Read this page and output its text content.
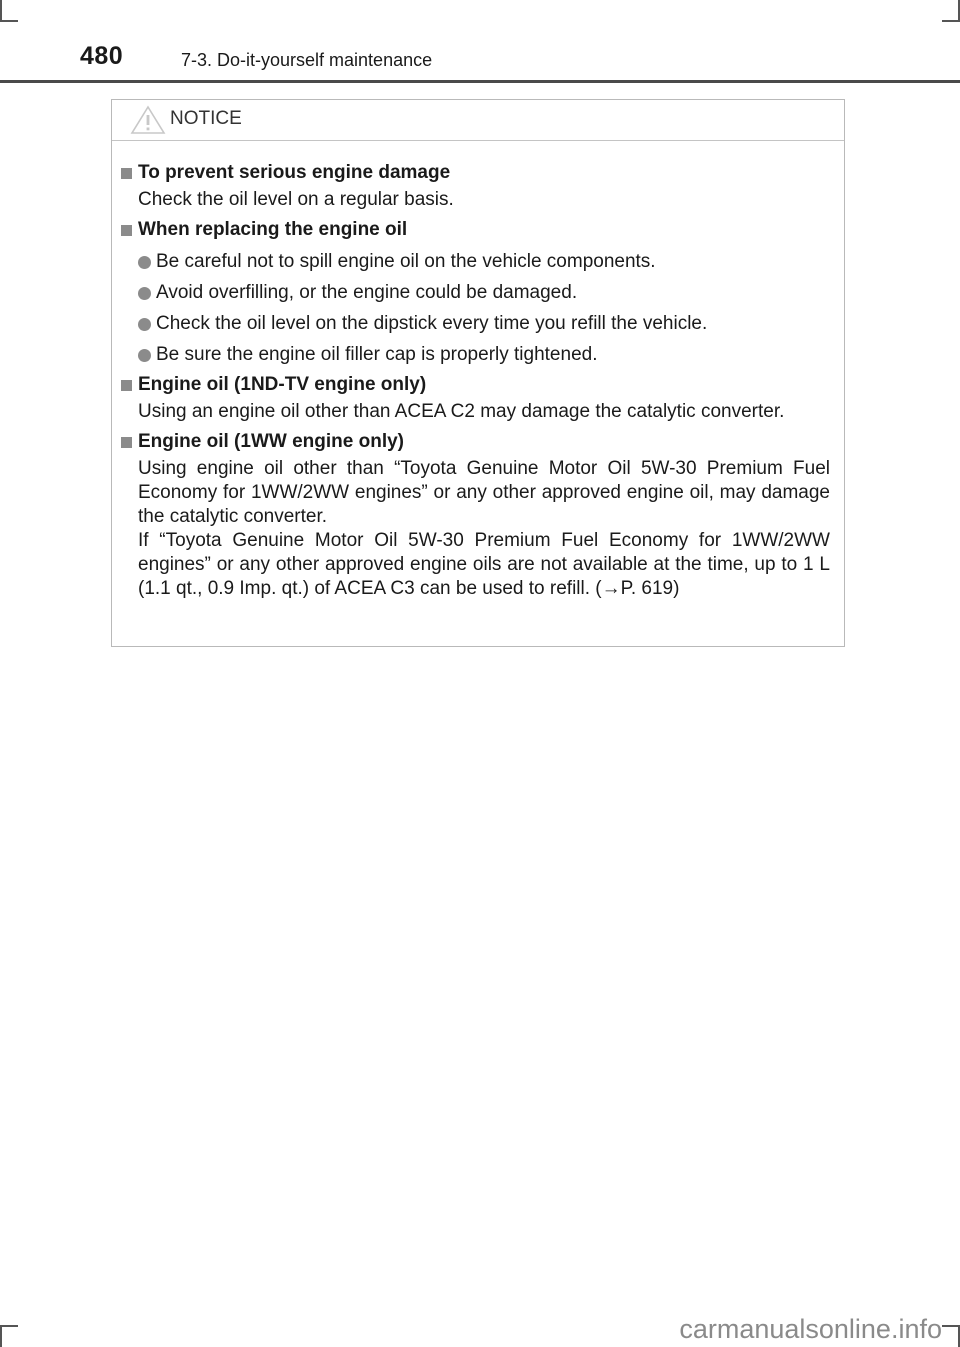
480	7-3. Do-it-yourself maintenance
NOTICE
To prevent serious engine damage

Check the oil level on a regular basis.

When replacing the engine oil
Be careful not to spill engine oil on the vehicle components.
Avoid overfilling, or the engine could be damaged.
Check the oil level on the dipstick every time you refill the vehicle.
Be sure the engine oil filler cap is properly tightened.
Engine oil (1ND-TV engine only)

Using an engine oil other than ACEA C2 may damage the catalytic converter.

Engine oil (1WW engine only)

Using engine oil other than “Toyota Genuine Motor Oil 5W-30 Premium Fuel Economy for 1WW/2WW engines” or any other approved engine oil, may damage the catalytic converter.

If “Toyota Genuine Motor Oil 5W-30 Premium Fuel Economy for 1WW/2WW engines” or any other approved engine oils are not available at the time, up to 1 L (1.1 qt., 0.9 Imp. qt.) of ACEA C3 can be used to refill. (→P. 619)

carmanualsonline.info
